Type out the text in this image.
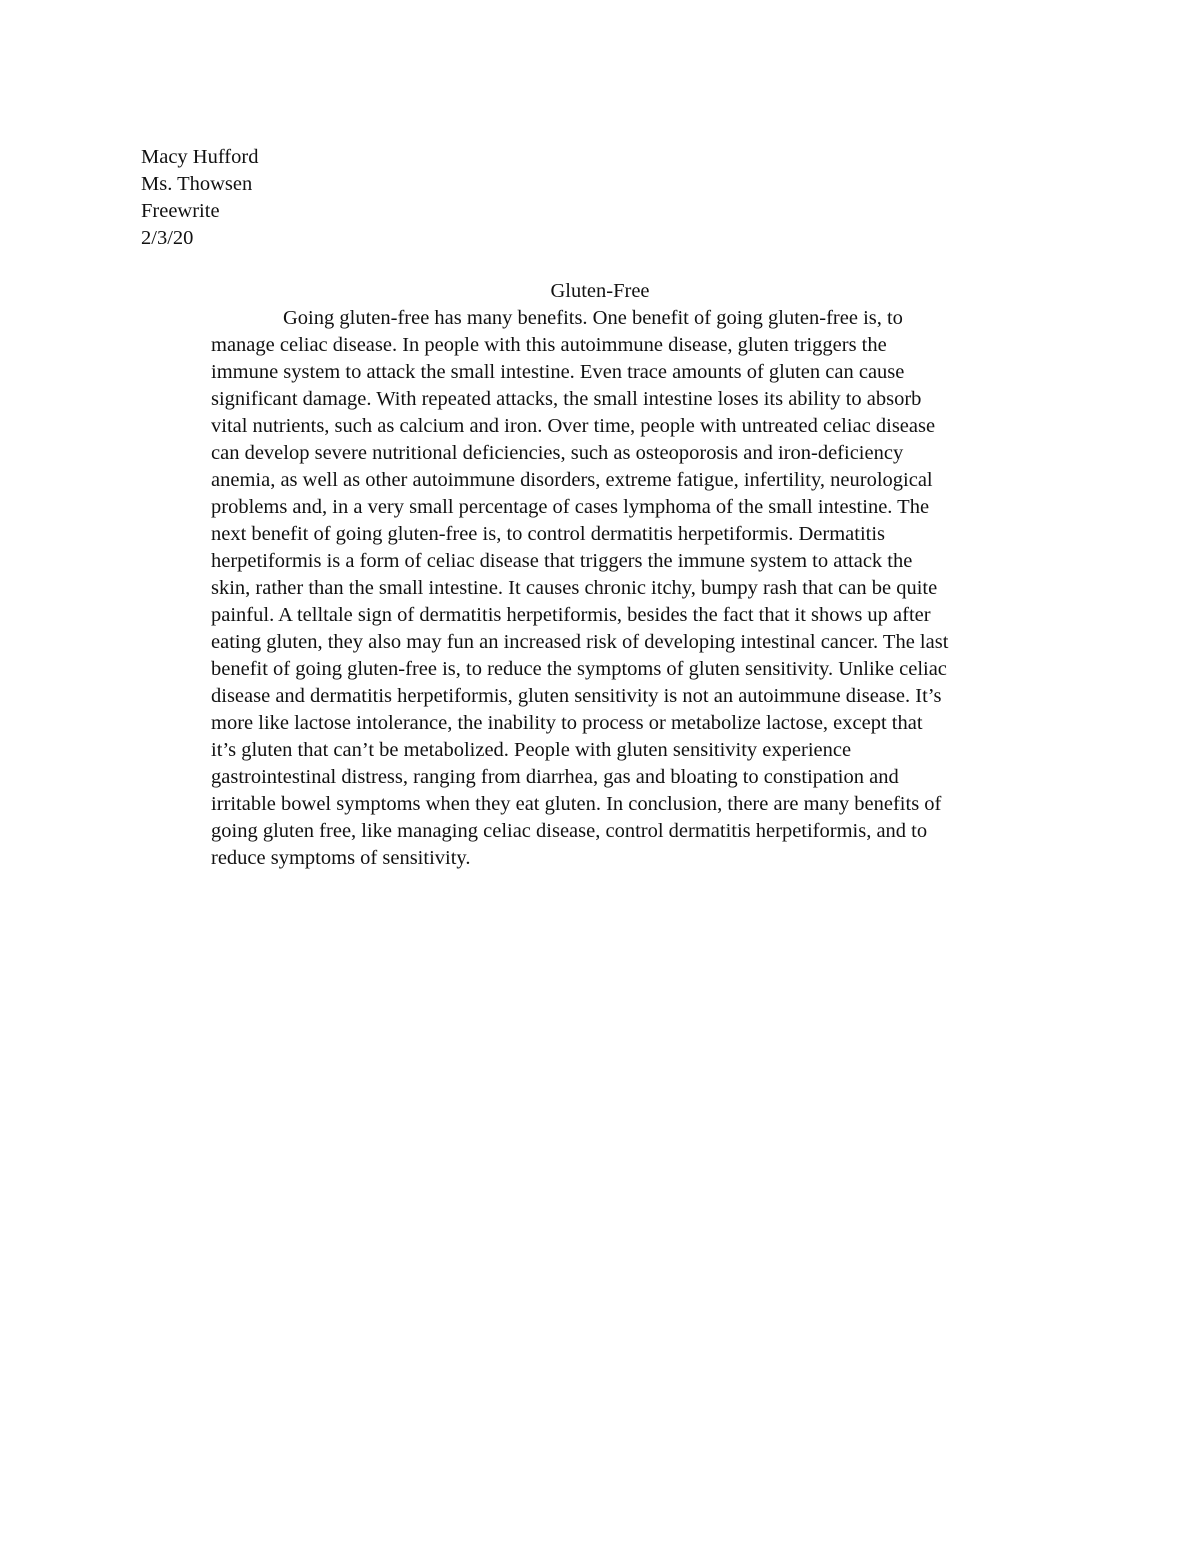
Macy Hufford
Ms. Thowsen
Freewrite
2/3/20
Gluten-Free
Going gluten-free has many benefits. One benefit of going gluten-free is, to
manage celiac disease. In people with this autoimmune disease, gluten triggers the
immune system to attack the small intestine. Even trace amounts of gluten can cause
significant damage. With repeated attacks, the small intestine loses its ability to absorb
vital nutrients, such as calcium and iron. Over time, people with untreated celiac disease
can develop severe nutritional deficiencies, such as osteoporosis and iron-deficiency
anemia, as well as other autoimmune disorders, extreme fatigue, infertility, neurological
problems and, in a very small percentage of cases lymphoma of the small intestine. The
next benefit of going gluten-free is, to control dermatitis herpetiformis. Dermatitis
herpetiformis is a form of celiac disease that triggers the immune system to attack the
skin, rather than the small intestine. It causes chronic itchy, bumpy rash that can be quite
painful. A telltale sign of dermatitis herpetiformis, besides the fact that it shows up after
eating gluten, they also may fun an increased risk of developing intestinal cancer. The last
benefit of going gluten-free is, to reduce the symptoms of gluten sensitivity. Unlike celiac
disease and dermatitis herpetiformis, gluten sensitivity is not an autoimmune disease. It’s
more like lactose intolerance, the inability to process or metabolize lactose, except that
it’s gluten that can’t be metabolized. People with gluten sensitivity experience
gastrointestinal distress, ranging from diarrhea, gas and bloating to constipation and
irritable bowel symptoms when they eat gluten. In conclusion, there are many benefits of
going gluten free, like managing celiac disease, control dermatitis herpetiformis, and to
reduce symptoms of sensitivity.
